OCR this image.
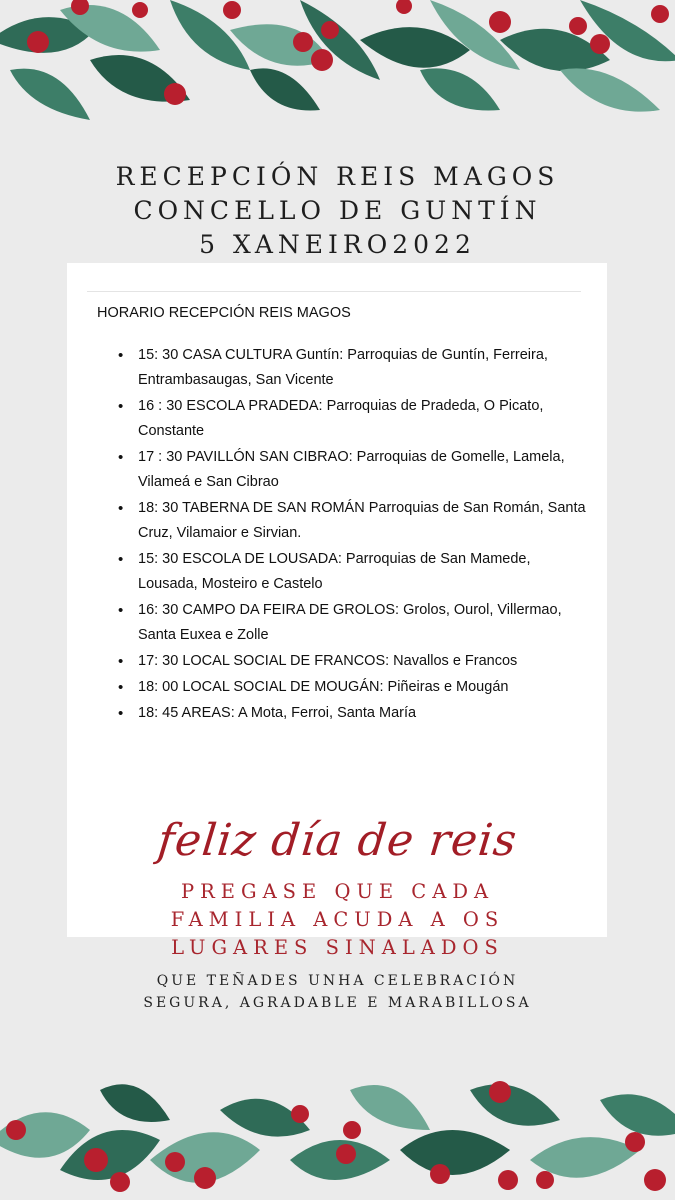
RECEPCIÓN REIS MAGOS
CONCELLO DE GUNTÍN
5 XANEIRO2022
HORARIO RECEPCIÓN REIS MAGOS
• 15: 30 CASA CULTURA Guntín: Parroquias de Guntín, Ferreira, Entrambasaugas, San Vicente
• 16 : 30 ESCOLA PRADEDA: Parroquias de Pradeda, O Picato, Constante
• 17 : 30 PAVILLÓN SAN CIBRAO: Parroquias de Gomelle, Lamela, Vilameá e San Cibrao
• 18: 30 TABERNA DE SAN ROMÁN Parroquias de San Román, Santa Cruz, Vilamaior e Sirvian.
• 15: 30 ESCOLA DE LOUSADA: Parroquias de San Mamede, Lousada, Mosteiro e Castelo
• 16: 30 CAMPO DA FEIRA DE GROLOS: Grolos, Ourol, Villermao, Santa Euxea e Zolle
• 17: 30 LOCAL SOCIAL DE FRANCOS: Navallos e Francos
• 18: 00 LOCAL SOCIAL DE MOUGÁN: Piñeiras e Mougán
• 18: 45 AREAS: A Mota, Ferroi, Santa María
feliz día de reis
PREGASE QUE CADA
FAMILIA ACUDA A OS
LUGARES SINALADOS
QUE TEÑADES UNHA CELEBRACIÓN
SEGURA, AGRADABLE E MARABILLOSA
